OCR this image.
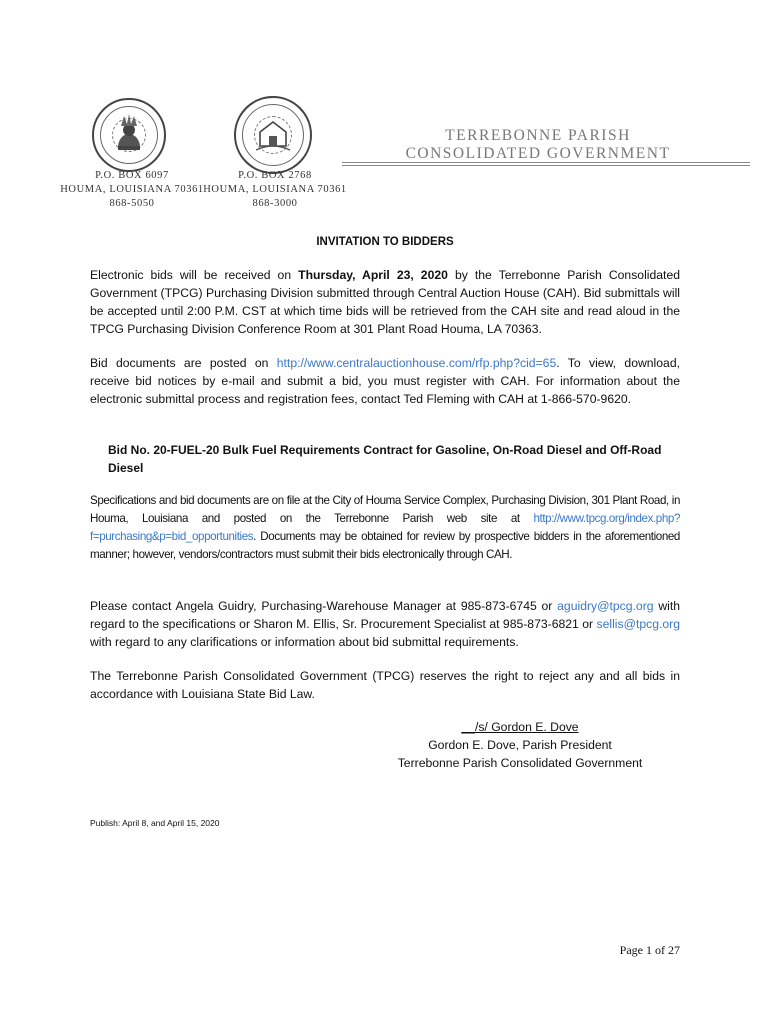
P.O. BOX 6097
HOUMA, LOUISIANA 70361
868-5050
P.O. BOX 2768
HOUMA, LOUISIANA 70361
868-3000
TERREBONNE PARISH
CONSOLIDATED GOVERNMENT
INVITATION TO BIDDERS
Electronic bids will be received on Thursday, April 23, 2020 by the Terrebonne Parish Consolidated Government (TPCG) Purchasing Division submitted through Central Auction House (CAH). Bid submittals will be accepted until 2:00 P.M. CST at which time bids will be retrieved from the CAH site and read aloud in the TPCG Purchasing Division Conference Room at 301 Plant Road Houma, LA 70363.
Bid documents are posted on http://www.centralauctionhouse.com/rfp.php?cid=65. To view, download, receive bid notices by e-mail and submit a bid, you must register with CAH. For information about the electronic submittal process and registration fees, contact Ted Fleming with CAH at 1-866-570-9620.
Bid No. 20-FUEL-20 Bulk Fuel Requirements Contract for Gasoline, On-Road Diesel and Off-Road Diesel
Specifications and bid documents are on file at the City of Houma Service Complex, Purchasing Division, 301 Plant Road, in Houma, Louisiana and posted on the Terrebonne Parish web site at http://www.tpcg.org/index.php?f=purchasing&p=bid_opportunities. Documents may be obtained for review by prospective bidders in the aforementioned manner; however, vendors/contractors must submit their bids electronically through CAH.
Please contact Angela Guidry, Purchasing-Warehouse Manager at 985-873-6745 or aguidry@tpcg.org with regard to the specifications or Sharon M. Ellis, Sr. Procurement Specialist at 985-873-6821 or sellis@tpcg.org with regard to any clarifications or information about bid submittal requirements.
The Terrebonne Parish Consolidated Government (TPCG) reserves the right to reject any and all bids in accordance with Louisiana State Bid Law.
__/s/ Gordon E. Dove
Gordon E. Dove, Parish President
Terrebonne Parish Consolidated Government
Publish: April 8, and April 15, 2020
Page 1 of 27
